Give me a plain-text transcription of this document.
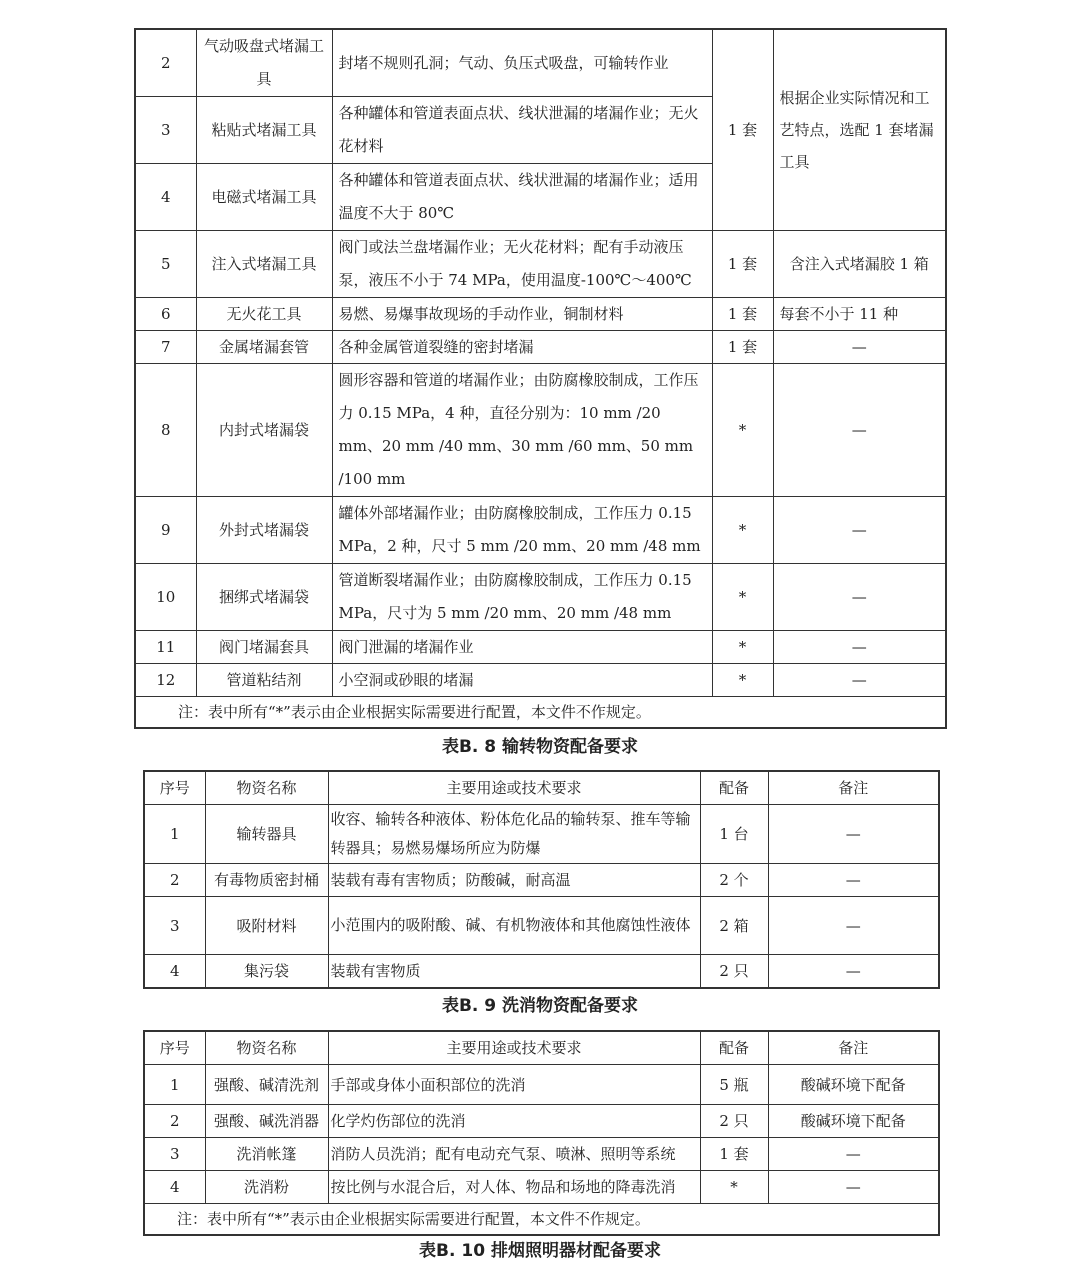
2	气动吸盘式堵漏工具	封堵不规则孔洞；气动、负压式吸盘，可输转作业	1 套	根据企业实际情况和工艺特点，选配 1 套堵漏工具
3	粘贴式堵漏工具	各种罐体和管道表面点状、线状泄漏的堵漏作业；无火花材料		
4	电磁式堵漏工具	各种罐体和管道表面点状、线状泄漏的堵漏作业；适用温度不大于 80℃		
5	注入式堵漏工具	阀门或法兰盘堵漏作业；无火花材料；配有手动液压泵，液压不小于 74 MPa，使用温度-100℃～400℃	1 套	含注入式堵漏胶 1 箱
6	无火花工具	易燃、易爆事故现场的手动作业，铜制材料	1 套	每套不小于 11 种
7	金属堵漏套管	各种金属管道裂缝的密封堵漏	1 套	—
8	内封式堵漏袋	圆形容器和管道的堵漏作业；由防腐橡胶制成，工作压力 0.15 MPa，4 种，直径分别为：10 mm /20 mm、20 mm /40 mm、30 mm /60 mm、50 mm /100 mm	*	—
9	外封式堵漏袋	罐体外部堵漏作业；由防腐橡胶制成，工作压力 0.15 MPa，2 种，尺寸 5 mm /20 mm、20 mm /48 mm	*	—
10	捆绑式堵漏袋	管道断裂堵漏作业；由防腐橡胶制成，工作压力 0.15 MPa，尺寸为 5 mm /20 mm、20 mm /48 mm	*	—
11	阀门堵漏套具	阀门泄漏的堵漏作业	*	—
12	管道粘结剂	小空洞或砂眼的堵漏	*	—
注：表中所有“*”表示由企业根据实际需要进行配置，本文件不作规定。				
表B. 8 输转物资配备要求
序号	物资名称	主要用途或技术要求	配备	备注
1	输转器具	收容、输转各种液体、粉体危化品的输转泵、推车等输转器具；易燃易爆场所应为防爆	1 台	—
2	有毒物质密封桶	装载有毒有害物质；防酸碱，耐高温	2 个	—
3	吸附材料	小范围内的吸附酸、碱、有机物液体和其他腐蚀性液体	2 箱	—
4	集污袋	装载有害物质	2 只	—
表B. 9 洗消物资配备要求
序号	物资名称	主要用途或技术要求	配备	备注
1	强酸、碱清洗剂	手部或身体小面积部位的洗消	5 瓶	酸碱环境下配备
2	强酸、碱洗消器	化学灼伤部位的洗消	2 只	酸碱环境下配备
3	洗消帐篷	消防人员洗消；配有电动充气泵、喷淋、照明等系统	1 套	—
4	洗消粉	按比例与水混合后，对人体、物品和场地的降毒洗消	*	—
注：表中所有“*”表示由企业根据实际需要进行配置，本文件不作规定。				
表B. 10 排烟照明器材配备要求
